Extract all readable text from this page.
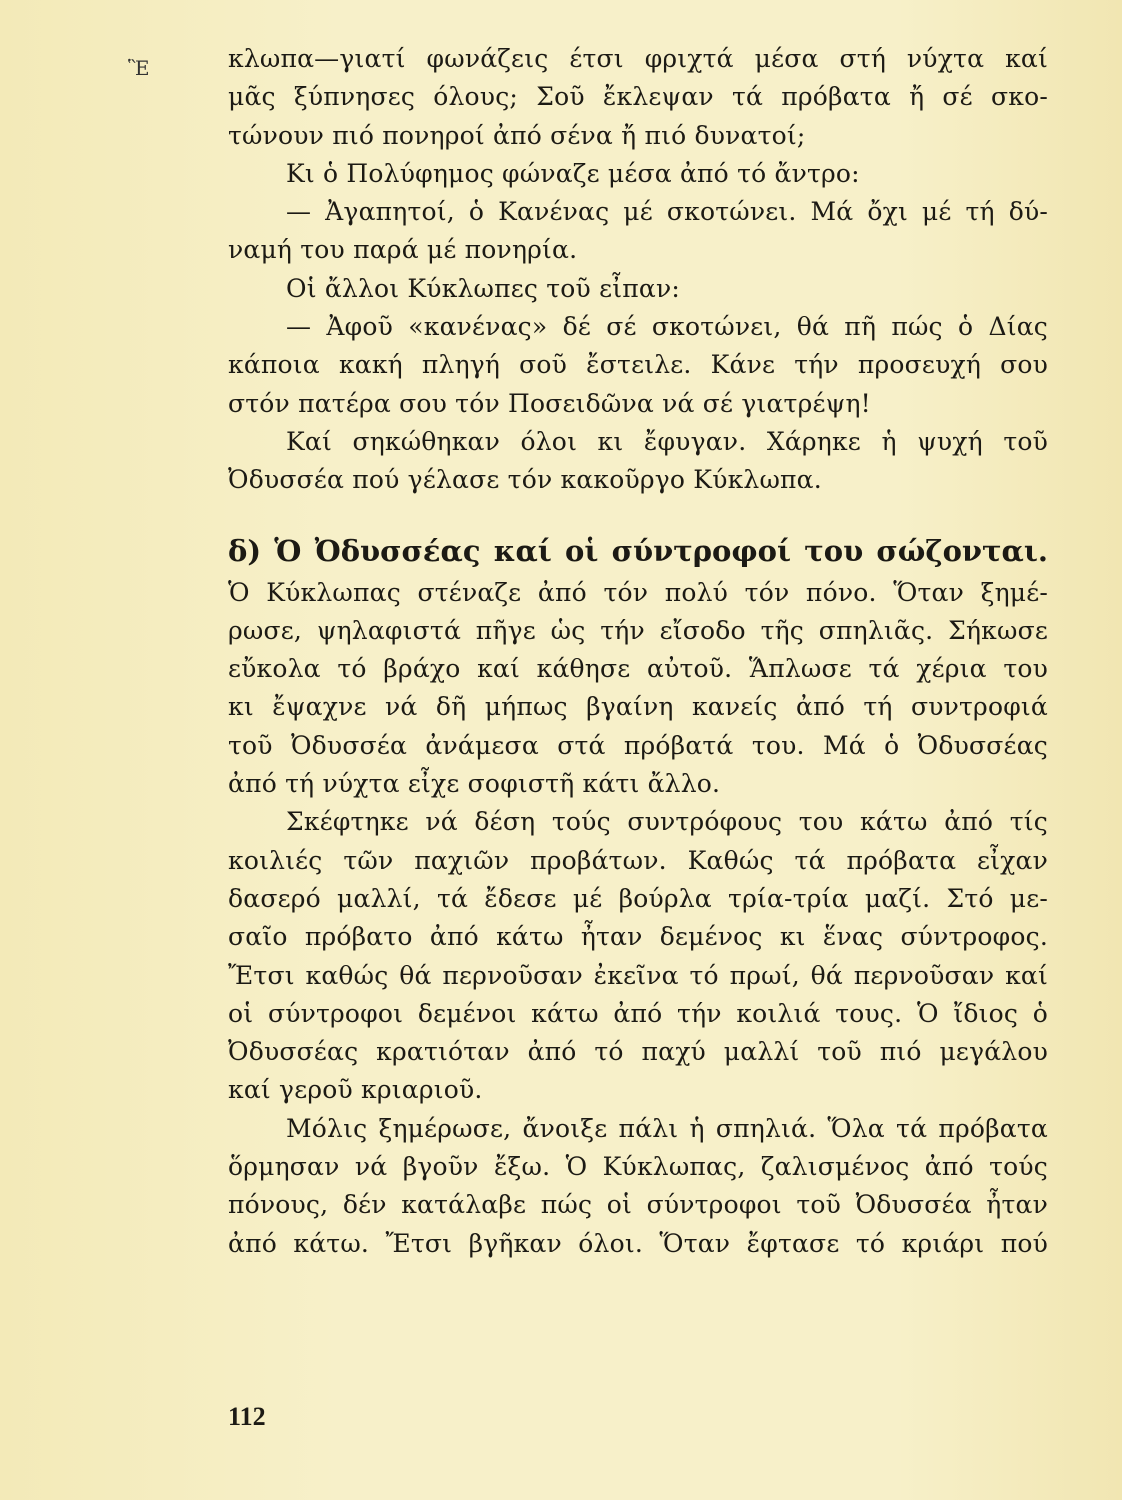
Ἓ	κλωπα—γιατί φωνάζεις έτσι φριχτά μέσα στή νύχτα καί
μᾶς ξύπνησες όλους; Σοῦ ἔκλεψαν τά πρόβατα ἤ σέ σκο-
τώνουν πιό πονηροί ἀπό σένα ἤ πιό δυνατοί;
Κι ὁ Πολύφημος φώναζε μέσα ἀπό τό ἄντρο:
— Ἀγαπητοί, ὁ Κανένας μέ σκοτώνει. Μά ὄχι μέ τή δύ-
ναμή του παρά μέ πονηρία.
Οἱ ἄλλοι Κύκλωπες τοῦ εἶπαν:
— Ἀφοῦ «κανένας» δέ σέ σκοτώνει, θά πῆ πώς ὁ Δίας
κάποια κακή πληγή σοῦ ἔστειλε. Κάνε τήν προσευχή σου
στόν πατέρα σου τόν Ποσειδῶνα νά σέ γιατρέψη!
Καί σηκώθηκαν όλοι κι ἔφυγαν. Χάρηκε ἡ ψυχή τοῦ
Ὀδυσσέα πού γέλασε τόν κακοῦργο Κύκλωπα.
δ) Ὁ Ὀδυσσέας καί οἱ σύντροφοί του σώζονται.
Ὁ Κύκλωπας στέναζε ἀπό τόν πολύ τόν πόνο. Ὅταν ξημέ-
ρωσε, ψηλαφιστά πῆγε ὡς τήν εἴσοδο τῆς σπηλιᾶς. Σήκωσε
εὔκολα τό βράχο καί κάθησε αὐτοῦ. Ἅπλωσε τά χέρια του
κι ἔψαχνε νά δῆ μήπως βγαίνη κανείς ἀπό τή συντροφιά
τοῦ Ὀδυσσέα ἀνάμεσα στά πρόβατά του. Μά ὁ Ὀδυσσέας
ἀπό τή νύχτα εἶχε σοφιστῆ κάτι ἄλλο.
Σκέφτηκε νά δέση τούς συντρόφους του κάτω ἀπό τίς
κοιλιές τῶν παχιῶν προβάτων. Καθώς τά πρόβατα εἶχαν
δασερό μαλλί, τά ἔδεσε μέ βούρλα τρία-τρία μαζί. Στό με-
σαῖο πρόβατο ἀπό κάτω ἦταν δεμένος κι ἕνας σύντροφος.
Ἔτσι καθώς θά περνοῦσαν ἐκεῖνα τό πρωί, θά περνοῦσαν καί
οἱ σύντροφοι δεμένοι κάτω ἀπό τήν κοιλιά τους. Ὁ ἴδιος ὁ
Ὀδυσσέας κρατιόταν ἀπό τό παχύ μαλλί τοῦ πιό μεγάλου
καί γεροῦ κριαριοῦ.
Μόλις ξημέρωσε, ἄνοιξε πάλι ἡ σπηλιά. Ὅλα τά πρόβατα
ὅρμησαν νά βγοῦν ἔξω. Ὁ Κύκλωπας, ζαλισμένος ἀπό τούς
πόνους, δέν κατάλαβε πώς οἱ σύντροφοι τοῦ Ὀδυσσέα ἦταν
ἀπό κάτω. Ἔτσι βγῆκαν όλοι. Ὅταν ἔφτασε τό κριάρι πού
112
